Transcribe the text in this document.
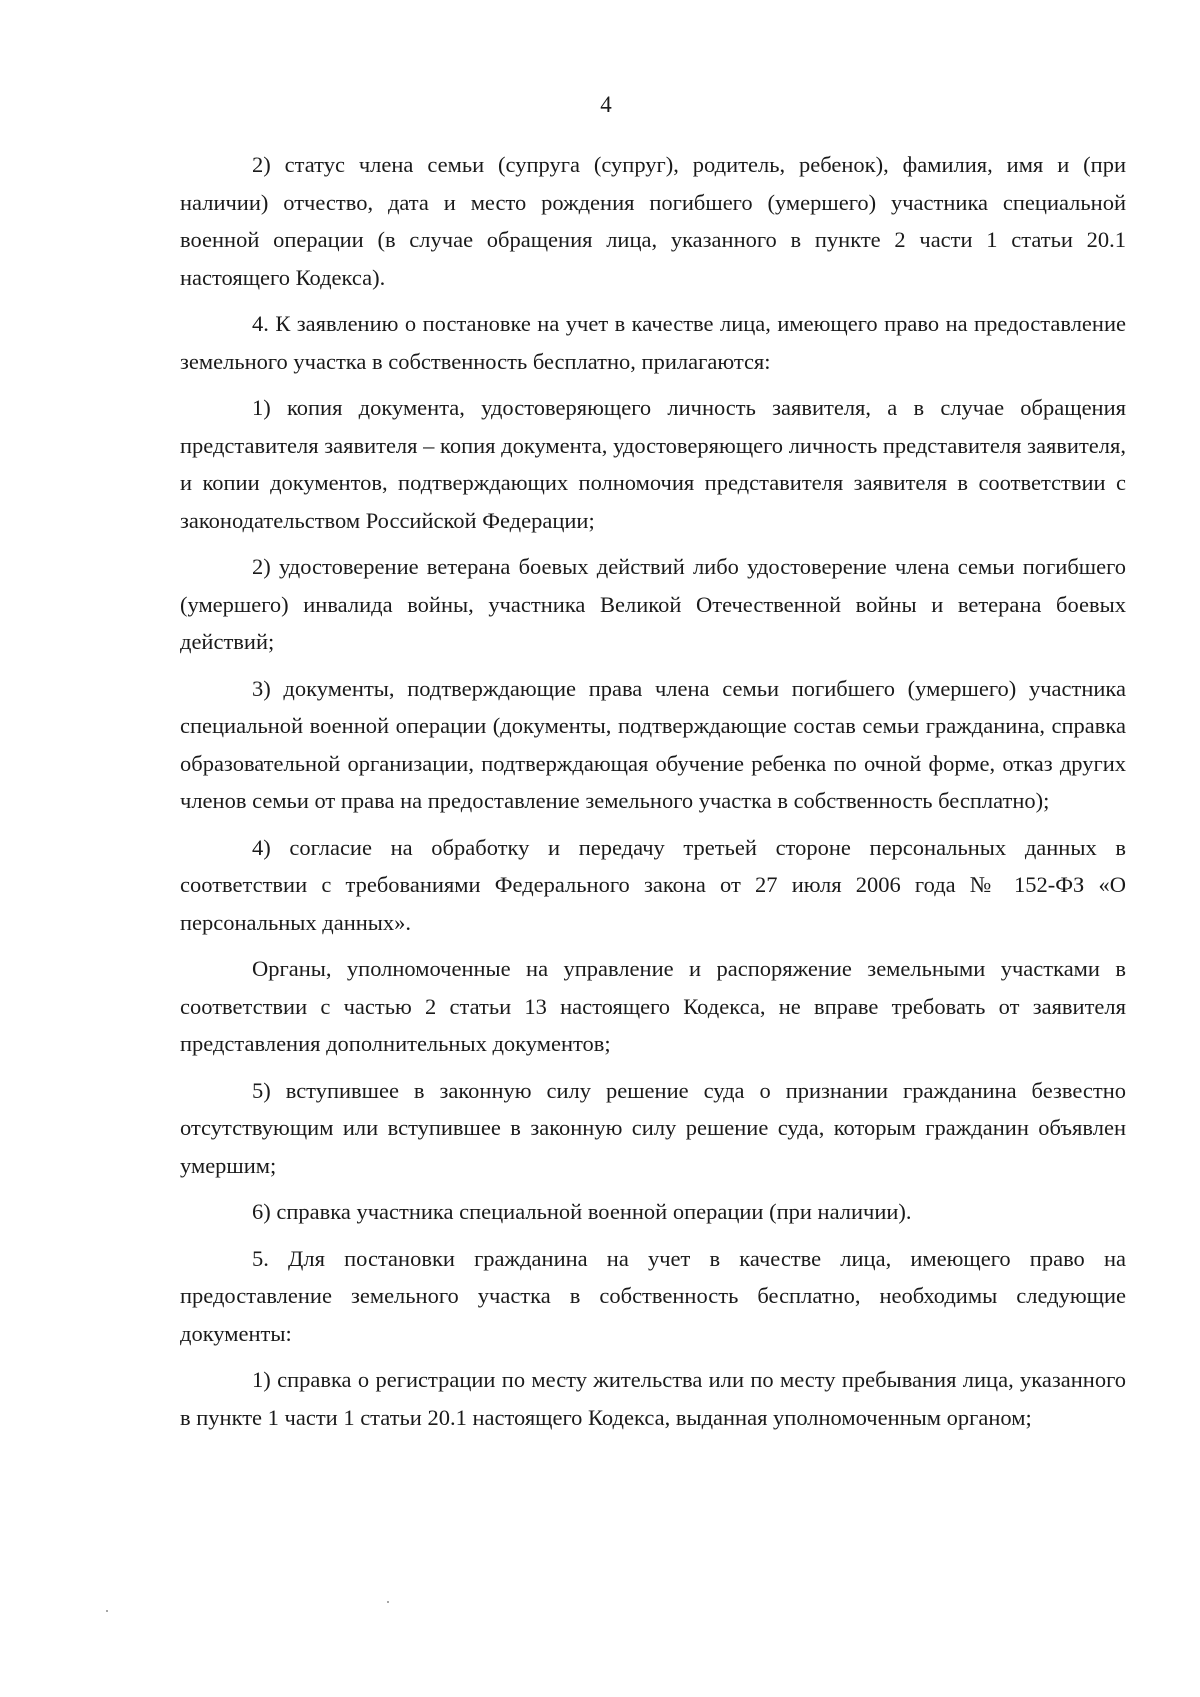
4

2) статус члена семьи (супруга (супруг), родитель, ребенок), фамилия, имя и (при наличии) отчество, дата и место рождения погибшего (умершего) участника специальной военной операции (в случае обращения лица, указанного в пункте 2 части 1 статьи 20.1 настоящего Кодекса).

4. К заявлению о постановке на учет в качестве лица, имеющего право на предоставление земельного участка в собственность бесплатно, прилагаются:

1) копия документа, удостоверяющего личность заявителя, а в случае обращения представителя заявителя – копия документа, удостоверяющего личность представителя заявителя, и копии документов, подтверждающих полномочия представителя заявителя в соответствии с законодательством Российской Федерации;

2) удостоверение ветерана боевых действий либо удостоверение члена семьи погибшего (умершего) инвалида войны, участника Великой Отечественной войны и ветерана боевых действий;

3) документы, подтверждающие права члена семьи погибшего (умершего) участника специальной военной операции (документы, подтверждающие состав семьи гражданина, справка образовательной организации, подтверждающая обучение ребенка по очной форме, отказ других членов семьи от права на предоставление земельного участка в собственность бесплатно);

4) согласие на обработку и передачу третьей стороне персональных данных в соответствии с требованиями Федерального закона от 27 июля 2006 года № 152-ФЗ «О персональных данных».

Органы, уполномоченные на управление и распоряжение земельными участками в соответствии с частью 2 статьи 13 настоящего Кодекса, не вправе требовать от заявителя представления дополнительных документов;

5) вступившее в законную силу решение суда о признании гражданина безвестно отсутствующим или вступившее в законную силу решение суда, которым гражданин объявлен умершим;

6) справка участника специальной военной операции (при наличии).

5. Для постановки гражданина на учет в качестве лица, имеющего право на предоставление земельного участка в собственность бесплатно, необходимы следующие документы:

1) справка о регистрации по месту жительства или по месту пребывания лица, указанного в пункте 1 части 1 статьи 20.1 настоящего Кодекса, выданная уполномоченным органом;
